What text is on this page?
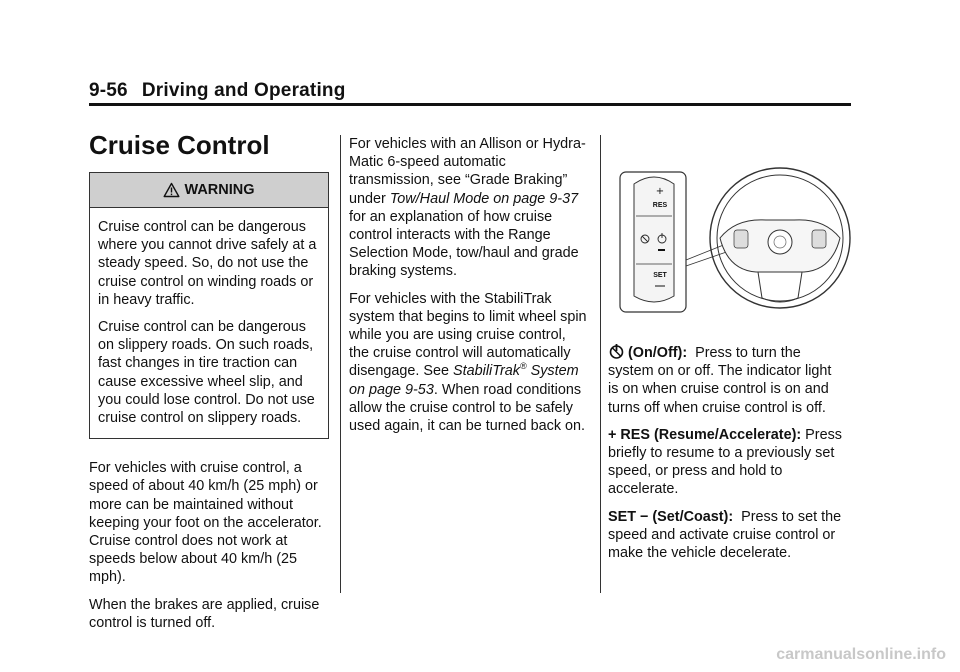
9-56 Driving and Operating
Cruise Control
WARNING

Cruise control can be dangerous where you cannot drive safely at a steady speed. So, do not use the cruise control on winding roads or in heavy traffic.

Cruise control can be dangerous on slippery roads. On such roads, fast changes in tire traction can cause excessive wheel slip, and you could lose control. Do not use cruise control on slippery roads.

For vehicles with cruise control, a speed of about 40 km/h (25 mph) or more can be maintained without keeping your foot on the accelerator. Cruise control does not work at speeds below about 40 km/h (25 mph).

When the brakes are applied, cruise control is turned off.

For vehicles with an Allison or Hydra-Matic 6-speed automatic transmission, see “Grade Braking” under Tow/Haul Mode on page 9-37 for an explanation of how cruise control interacts with the Range Selection Mode, tow/haul and grade braking systems.

For vehicles with the StabiliTrak system that begins to limit wheel spin while you are using cruise control, the cruise control will automatically disengage. See StabiliTrak® System on page 9-53. When road conditions allow the cruise control to be safely used again, it can be turned back on.

+
RES
SET

(On/Off): Press to turn the system on or off. The indicator light is on when cruise control is on and turns off when cruise control is off.

+ RES (Resume/Accelerate): Press briefly to resume to a previously set speed, or press and hold to accelerate.

SET − (Set/Coast): Press to set the speed and activate cruise control or make the vehicle decelerate.

carmanualsonline.info
